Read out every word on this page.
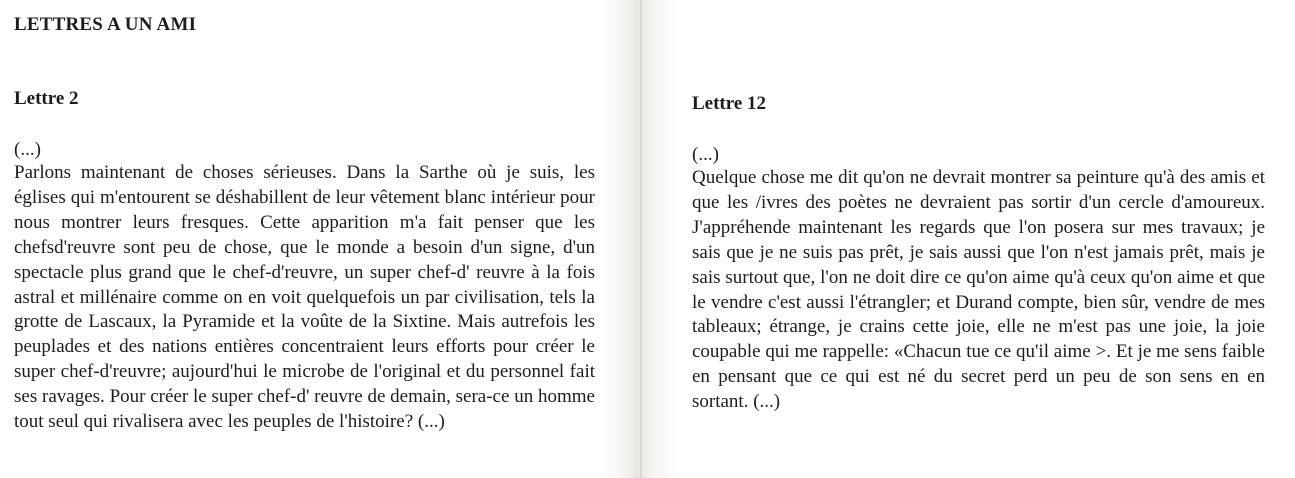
LETTRES A UN AMI
Lettre 2

(...)

Parlons maintenant de choses sérieuses. Dans la Sarthe où je suis, les églises qui m'entourent se déshabillent de leur vêtement blanc intérieur pour nous montrer leurs fresques. Cette apparition m'a fait penser que les chefsd'reuvre sont peu de chose, que le monde a besoin d'un signe, d'un spectacle plus grand que le chef-d'reuvre, un super chef-d' reuvre à la fois astral et millénaire comme on en voit quelquefois un par civilisation, tels la grotte de Lascaux, la Pyramide et la voûte de la Sixtine. Mais autrefois les peuplades et des nations entières concentraient leurs efforts pour créer le super chef-d'reuvre; aujourd'hui le microbe de l'original et du personnel fait ses ravages. Pour créer le super chef-d' reuvre de demain, sera-ce un homme tout seul qui rivalisera avec les peuples de l'histoire? (...)

Lettre 12

(...)

Quelque chose me dit qu'on ne devrait montrer sa peinture qu'à des amis et que les /ivres des poètes ne devraient pas sortir d'un cercle d'amoureux. J'appréhende maintenant les regards que l'on posera sur mes travaux; je sais que je ne suis pas prêt, je sais aussi que l'on n'est jamais prêt, mais je sais surtout que, l'on ne doit dire ce qu'on aime qu'à ceux qu'on aime et que le vendre c'est aussi l'étrangler; et Durand compte, bien sûr, vendre de mes tableaux; étrange, je crains cette joie, elle ne m'est pas une joie, la joie coupable qui me rappelle: «Chacun tue ce qu'il aime >. Et je me sens faible en pensant que ce qui est né du secret perd un peu de son sens en en sortant. (...)
